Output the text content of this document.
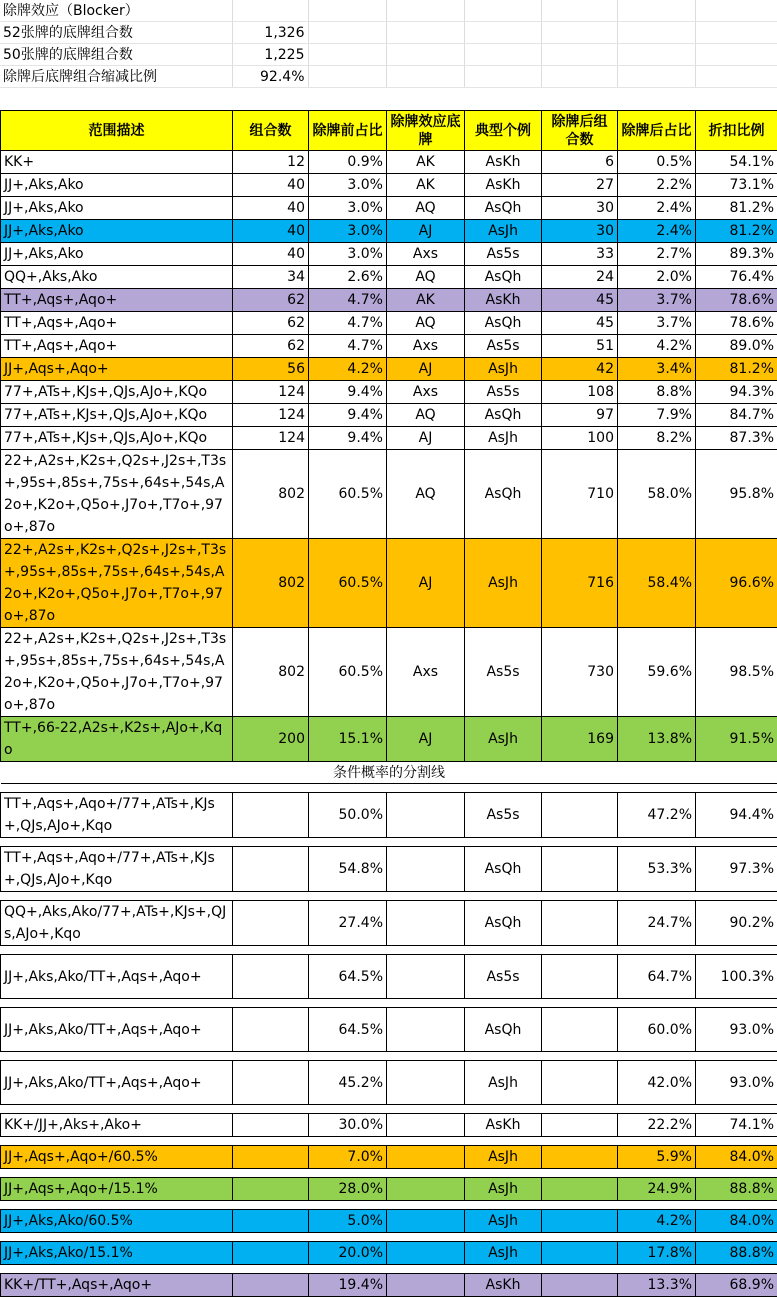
除牌效应（Blocker）							
52张牌的底牌组合数	1,326						
50张牌的底牌组合数	1,225						
除牌后底牌组合缩减比例	92.4%						
范围描述	组合数	除牌前占比	除牌效应底牌	典型个例	除牌后组合数	除牌后占比	折扣比例
KK+	12	0.9%	AK	AsKh	6	0.5%	54.1%
JJ+,Aks,Ako	40	3.0%	AK	AsKh	27	2.2%	73.1%
JJ+,Aks,Ako	40	3.0%	AQ	AsQh	30	2.4%	81.2%
JJ+,Aks,Ako	40	3.0%	AJ	AsJh	30	2.4%	81.2%
JJ+,Aks,Ako	40	3.0%	Axs	As5s	33	2.7%	89.3%
QQ+,Aks,Ako	34	2.6%	AQ	AsQh	24	2.0%	76.4%
TT+,Aqs+,Aqo+	62	4.7%	AK	AsKh	45	3.7%	78.6%
TT+,Aqs+,Aqo+	62	4.7%	AQ	AsQh	45	3.7%	78.6%
TT+,Aqs+,Aqo+	62	4.7%	Axs	As5s	51	4.2%	89.0%
JJ+,Aqs+,Aqo+	56	4.2%	AJ	AsJh	42	3.4%	81.2%
77+,ATs+,KJs+,QJs,AJo+,KQo	124	9.4%	Axs	As5s	108	8.8%	94.3%
77+,ATs+,KJs+,QJs,AJo+,KQo	124	9.4%	AQ	AsQh	97	7.9%	84.7%
77+,ATs+,KJs+,QJs,AJo+,KQo	124	9.4%	AJ	AsJh	100	8.2%	87.3%
22+,A2s+,K2s+,Q2s+,J2s+,T3s+,95s+,85s+,75s+,64s+,54s,A2o+,K2o+,Q5o+,J7o+,T7o+,97o+,87o	802	60.5%	AQ	AsQh	710	58.0%	95.8%
22+,A2s+,K2s+,Q2s+,J2s+,T3s+,95s+,85s+,75s+,64s+,54s,A2o+,K2o+,Q5o+,J7o+,T7o+,97o+,87o	802	60.5%	AJ	AsJh	716	58.4%	96.6%
22+,A2s+,K2s+,Q2s+,J2s+,T3s+,95s+,85s+,75s+,64s+,54s,A2o+,K2o+,Q5o+,J7o+,T7o+,97o+,87o	802	60.5%	Axs	As5s	730	59.6%	98.5%
TT+,66-22,A2s+,K2s+,AJo+,Kqo	200	15.1%	AJ	AsJh	169	13.8%	91.5%
条件概率的分割线							

TT+,Aqs+,Aqo+/77+,ATs+,KJs+,QJs,AJo+,Kqo		50.0%		As5s		47.2%	94.4%

TT+,Aqs+,Aqo+/77+,ATs+,KJs+,QJs,AJo+,Kqo		54.8%		AsQh		53.3%	97.3%

QQ+,Aks,Ako/77+,ATs+,KJs+,QJs,AJo+,Kqo		27.4%		AsQh		24.7%	90.2%

JJ+,Aks,Ako/TT+,Aqs+,Aqo+		64.5%		As5s		64.7%	100.3%

JJ+,Aks,Ako/TT+,Aqs+,Aqo+		64.5%		AsQh		60.0%	93.0%

JJ+,Aks,Ako/TT+,Aqs+,Aqo+		45.2%		AsJh		42.0%	93.0%

KK+/JJ+,Aks+,Ako+		30.0%		AsKh		22.2%	74.1%

JJ+,Aqs+,Aqo+/60.5%		7.0%		AsJh		5.9%	84.0%

JJ+,Aqs+,Aqo+/15.1%		28.0%		AsJh		24.9%	88.8%

JJ+,Aks,Ako/60.5%		5.0%		AsJh		4.2%	84.0%

JJ+,Aks,Ako/15.1%		20.0%		AsJh		17.8%	88.8%

KK+/TT+,Aqs+,Aqo+		19.4%		AsKh		13.3%	68.9%
